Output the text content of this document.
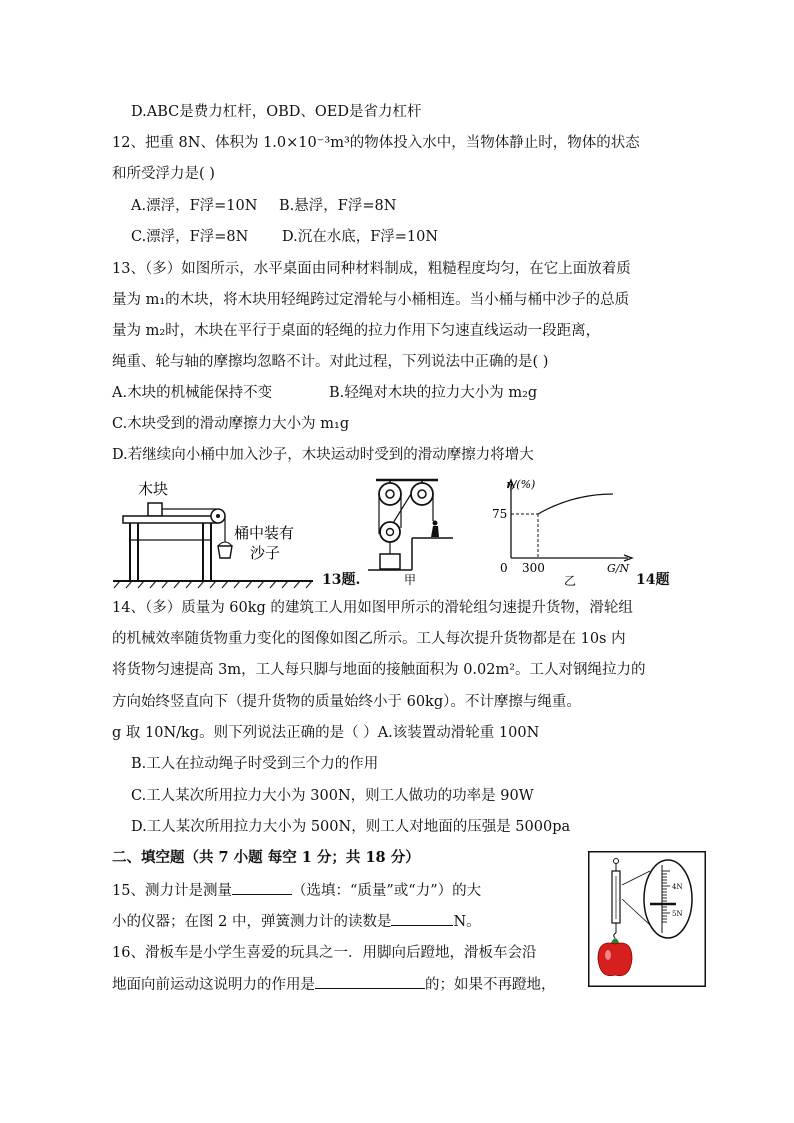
D.ABC是费力杠杆，OBD、OED是省力杠杆
12、把重 8N、体积为 1.0×10⁻³m³的物体投入水中，当物体静止时，物体的状态
和所受浮力是( )
A.漂浮，F浮=10N B.悬浮，F浮=8N
C.漂浮，F浮=8N D.沉在水底，F浮=10N
13、（多）如图所示，水平桌面由同种材料制成，粗糙程度均匀，在它上面放着质
量为 m₁的木块，将木块用轻绳跨过定滑轮与小桶相连。当小桶与桶中沙子的总质
量为 m₂时，木块在平行于桌面的轻绳的拉力作用下匀速直线运动一段距离，
绳重、轮与轴的摩擦均忽略不计。对此过程，下列说法中正确的是( )
A.木块的机械能保持不变	B.轻绳对木块的拉力大小为 m₂g
C.木块受到的滑动摩擦力大小为 m₁g
D.若继续向小桶中加入沙子，木块运动时受到的滑动摩擦力将增大
木块
桶中装有
沙子
甲
13题.
η/(%)
75
0 300	G/N
乙	14题
14、（多）质量为 60kg 的建筑工人用如图甲所示的滑轮组匀速提升货物，滑轮组
的机械效率随货物重力变化的图像如图乙所示。工人每次提升货物都是在 10s 内
将货物匀速提高 3m，工人每只脚与地面的接触面积为 0.02m²。工人对钢绳拉力的
方向始终竖直向下（提升货物的质量始终小于 60kg）。不计摩擦与绳重。
g 取 10N/kg。则下列说法正确的是（ ）A.该装置动滑轮重 100N
B.工人在拉动绳子时受到三个力的作用
C.工人某次所用拉力大小为 300N，则工人做功的功率是 90W
D.工人某次所用拉力大小为 500N，则工人对地面的压强是 5000pa
二、填空题（共 7 小题 每空 1 分；共 18 分）
15、测力计是测量	（选填：“质量”或“力”）的大
小的仪器；在图 2 中，弹簧测力计的读数是	N。
4N
5N
16、滑板车是小学生喜爱的玩具之一．用脚向后蹬地，滑板车会沿
地面向前运动这说明力的作用是	的；如果不再蹬地，
